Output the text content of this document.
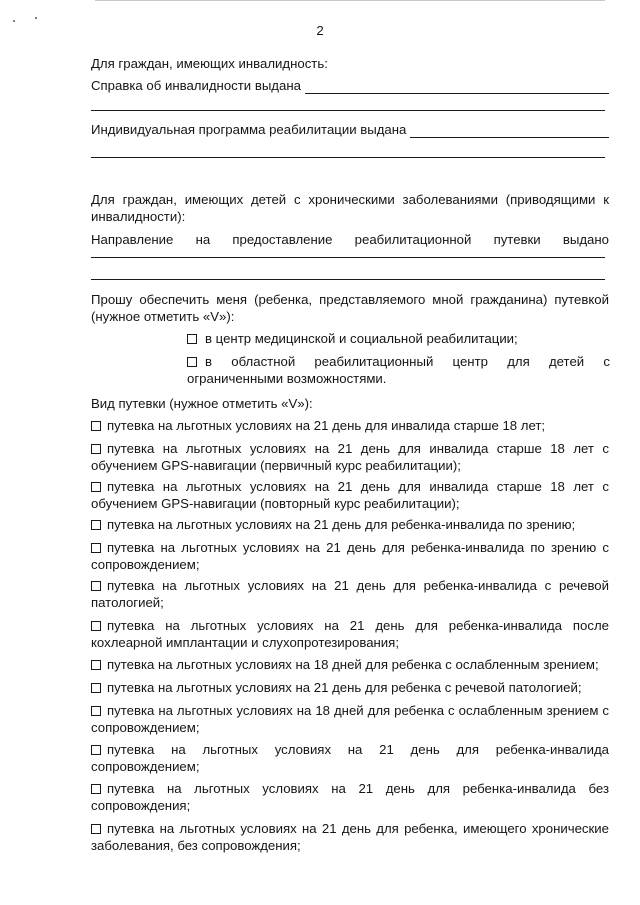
2
Для граждан, имеющих инвалидность:
Справка об инвалидности выдана
Индивидуальная программа реабилитации выдана
Для граждан, имеющих детей с хроническими заболеваниями (приводящими к инвалидности):
Направление на предоставление реабилитационной путевки выдано
Прошу обеспечить меня (ребенка, представляемого мной гражданина) путевкой (нужное отметить «V»):
в центр медицинской и социальной реабилитации;
в областной реабилитационный центр для детей с ограниченными возможностями.
Вид путевки (нужное отметить «V»):
путевка на льготных условиях на 21 день для инвалида старше 18 лет;
путевка на льготных условиях на 21 день для инвалида старше 18 лет с обучением GPS-навигации (первичный курс реабилитации);
путевка на льготных условиях на 21 день для инвалида старше 18 лет с обучением GPS-навигации (повторный курс реабилитации);
путевка на льготных условиях на 21 день для ребенка-инвалида по зрению;
путевка на льготных условиях на 21 день для ребенка-инвалида по зрению с сопровождением;
путевка на льготных условиях на 21 день для ребенка-инвалида с речевой патологией;
путевка на льготных условиях на 21 день для ребенка-инвалида после кохлеарной имплантации и слухопротезирования;
путевка на льготных условиях на 18 дней для ребенка с ослабленным зрением;
путевка на льготных условиях на 21 день для ребенка с речевой патологией;
путевка на льготных условиях на 18 дней для ребенка с ослабленным зрением с сопровождением;
путевка на льготных условиях на 21 день для ребенка-инвалида сопровождением;
путевка на льготных условиях на 21 день для ребенка-инвалида без сопровождения;
путевка на льготных условиях на 21 день для ребенка, имеющего хронические заболевания, без сопровождения;
